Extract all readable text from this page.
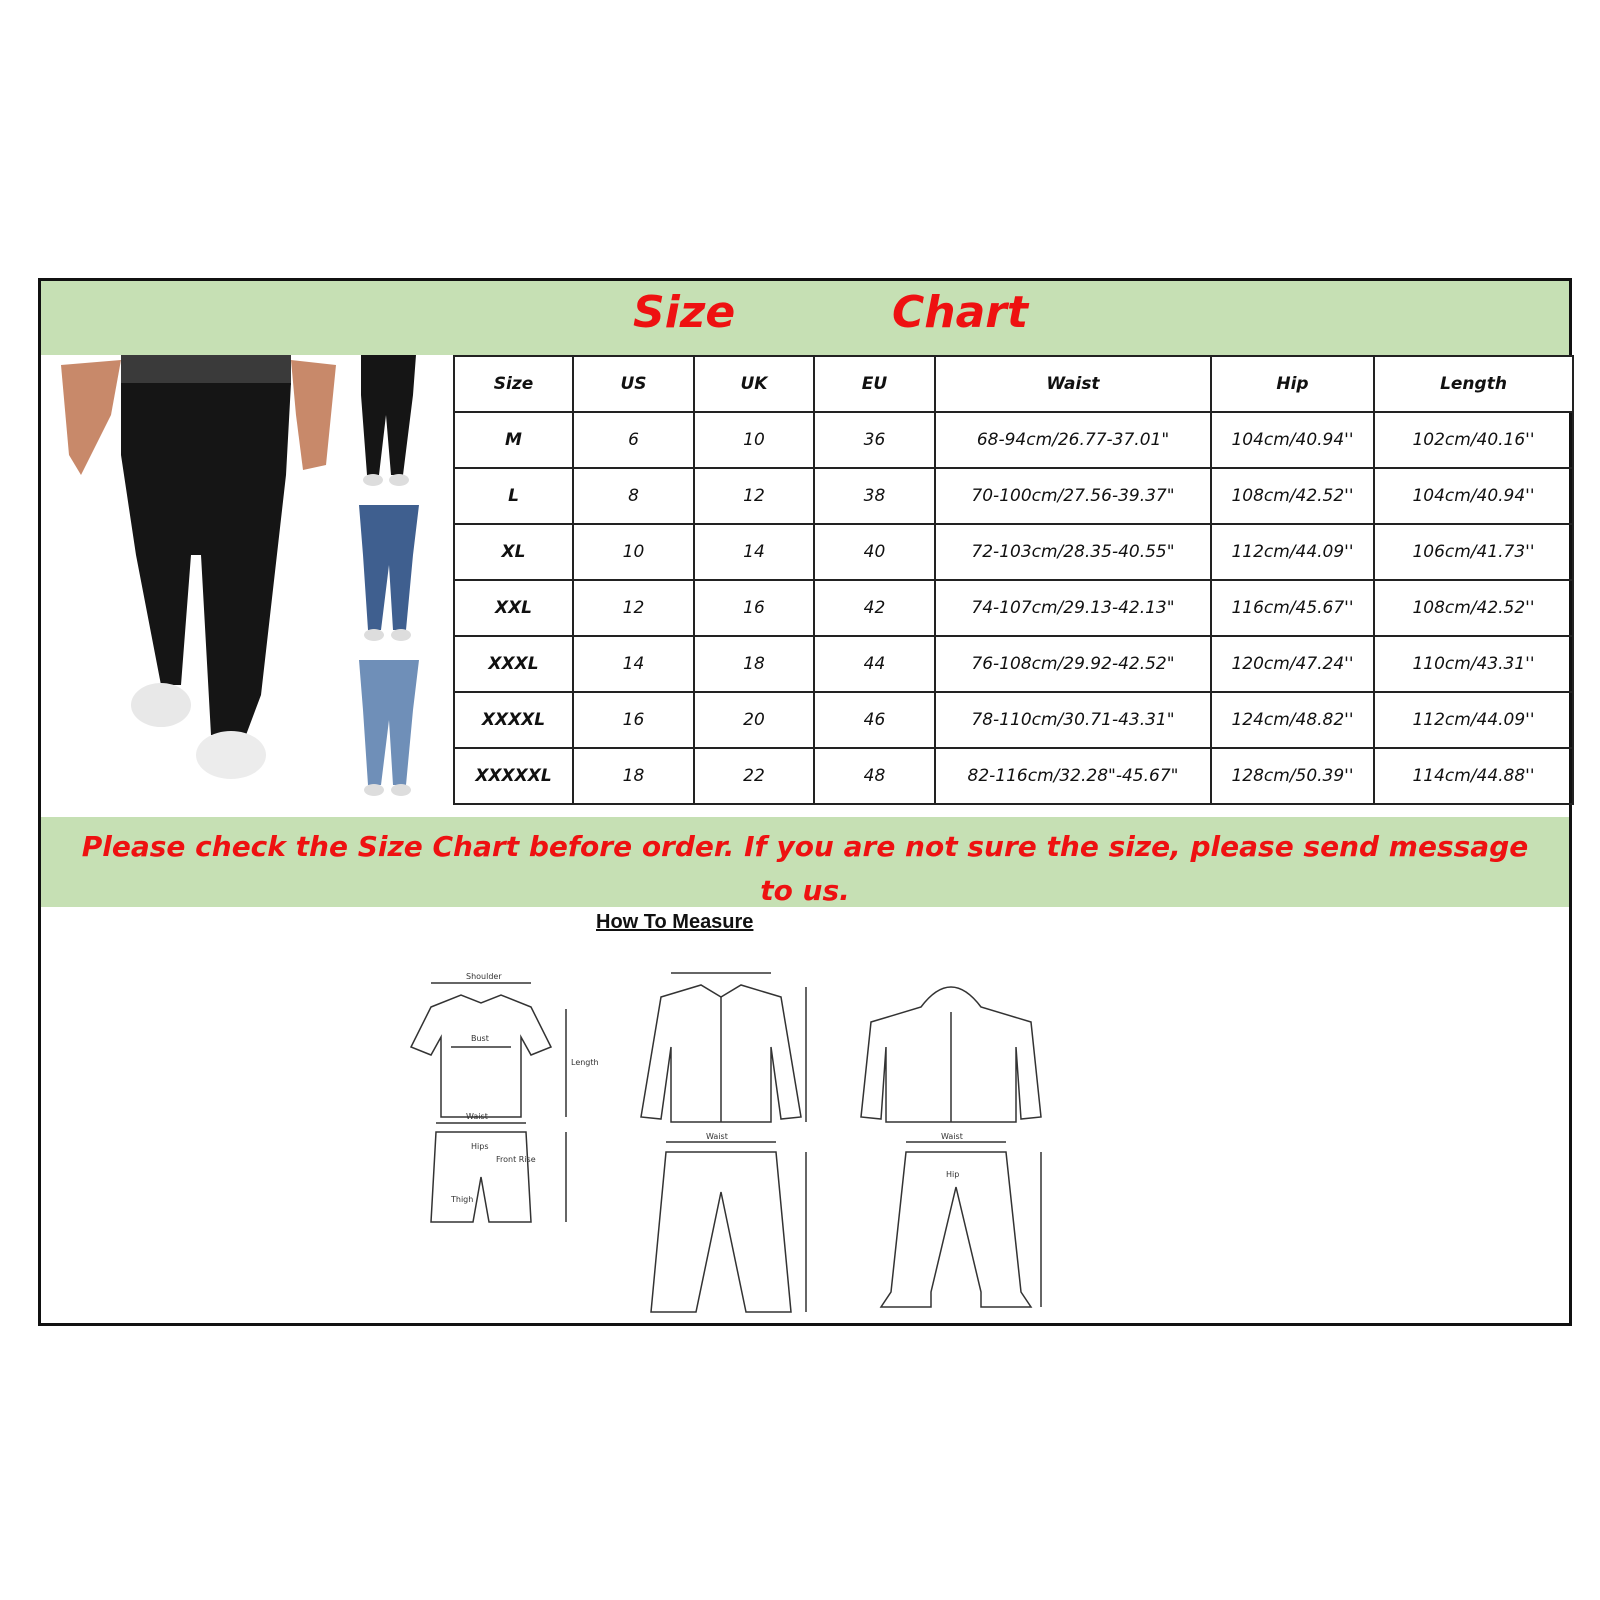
Size	Chart
Size	US	UK	EU	Waist	Hip	Length
M	6	10	36	68-94cm/26.77-37.01"	104cm/40.94''	102cm/40.16''
L	8	12	38	70-100cm/27.56-39.37"	108cm/42.52''	104cm/40.94''
XL	10	14	40	72-103cm/28.35-40.55"	112cm/44.09''	106cm/41.73''
XXL	12	16	42	74-107cm/29.13-42.13"	116cm/45.67''	108cm/42.52''
XXXL	14	18	44	76-108cm/29.92-42.52"	120cm/47.24''	110cm/43.31''
XXXXL	16	20	46	78-110cm/30.71-43.31"	124cm/48.82''	112cm/44.09''
XXXXXL	18	22	48	82-116cm/32.28"-45.67"	128cm/50.39''	114cm/44.88''
Please check the Size Chart before order. If you are not sure the size, please send message to us.
How To Measure
Shoulder
Bust
Length
Waist
Hips
Front Rise
Thigh
Waist	Waist
Hip
